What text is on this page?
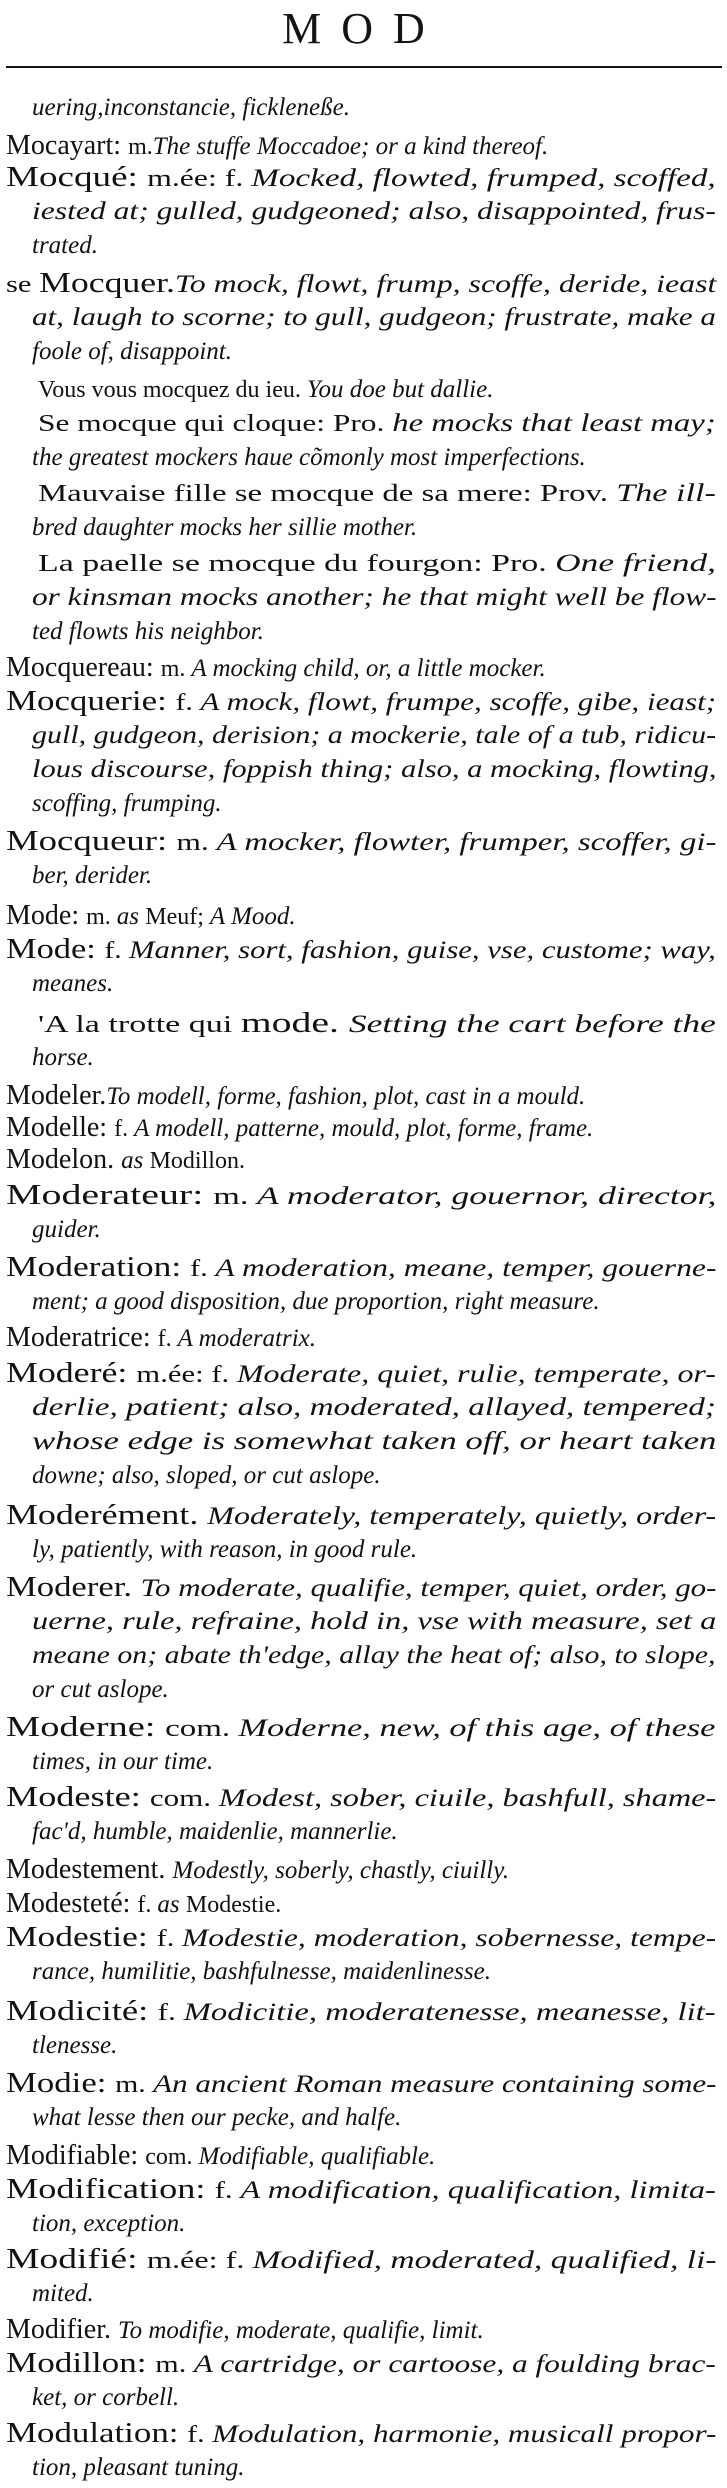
MOD
uering,inconstancie, fickleneße.
Mocayart: m.The stuffe Moccadoe; or a kind thereof.
Mocqué: m.ée: f. Mocked, flowted, frumped, scoffed,
iested at; gulled, gudgeoned; also, disappointed, frus-
trated.
se Mocquer.To mock, flowt, frump, scoffe, deride, ieast
at, laugh to scorne; to gull, gudgeon; frustrate, make a
foole of, disappoint.
Vous vous mocquez du ieu. You doe but dallie.
Se mocque qui cloque: Pro. he mocks that least may;
the greatest mockers haue cõmonly most imperfections.
Mauvaise fille se mocque de sa mere: Prov. The ill-
bred daughter mocks her sillie mother.
La paelle se mocque du fourgon: Pro. One friend,
or kinsman mocks another; he that might well be flow-
ted flowts his neighbor.
Mocquereau: m. A mocking child, or, a little mocker.
Mocquerie: f. A mock, flowt, frumpe, scoffe, gibe, ieast;
gull, gudgeon, derision; a mockerie, tale of a tub, ridicu-
lous discourse, foppish thing; also, a mocking, flowting,
scoffing, frumping.
Mocqueur: m. A mocker, flowter, frumper, scoffer, gi-
ber, derider.
Mode: m. as Meuf; A Mood.
Mode: f. Manner, sort, fashion, guise, vse, custome; way,
meanes.
'A la trotte qui mode. Setting the cart before the
horse.
Modeler.To modell, forme, fashion, plot, cast in a mould.
Modelle: f. A modell, patterne, mould, plot, forme, frame.
Modelon. as Modillon.
Moderateur: m. A moderator, gouernor, director,
guider.
Moderation: f. A moderation, meane, temper, gouerne-
ment; a good disposition, due proportion, right measure.
Moderatrice: f. A moderatrix.
Moderé: m.ée: f. Moderate, quiet, rulie, temperate, or-
derlie, patient; also, moderated, allayed, tempered;
whose edge is somewhat taken off, or heart taken
downe; also, sloped, or cut aslope.
Moderément. Moderately, temperately, quietly, order-
ly, patiently, with reason, in good rule.
Moderer. To moderate, qualifie, temper, quiet, order, go-
uerne, rule, refraine, hold in, vse with measure, set a
meane on; abate th'edge, allay the heat of; also, to slope,
or cut aslope.
Moderne: com. Moderne, new, of this age, of these
times, in our time.
Modeste: com. Modest, sober, ciuile, bashfull, shame-
fac'd, humble, maidenlie, mannerlie.
Modestement. Modestly, soberly, chastly, ciuilly.
Modesteté: f. as Modestie.
Modestie: f. Modestie, moderation, sobernesse, tempe-
rance, humilitie, bashfulnesse, maidenlinesse.
Modicité: f. Modicitie, moderatenesse, meanesse, lit-
tlenesse.
Modie: m. An ancient Roman measure containing some-
what lesse then our pecke, and halfe.
Modifiable: com. Modifiable, qualifiable.
Modification: f. A modification, qualification, limita-
tion, exception.
Modifié: m.ée: f. Modified, moderated, qualified, li-
mited.
Modifier. To modifie, moderate, qualifie, limit.
Modillon: m. A cartridge, or cartoose, a foulding brac-
ket, or corbell.
Modulation: f. Modulation, harmonie, musicall propor-
tion, pleasant tuning.
